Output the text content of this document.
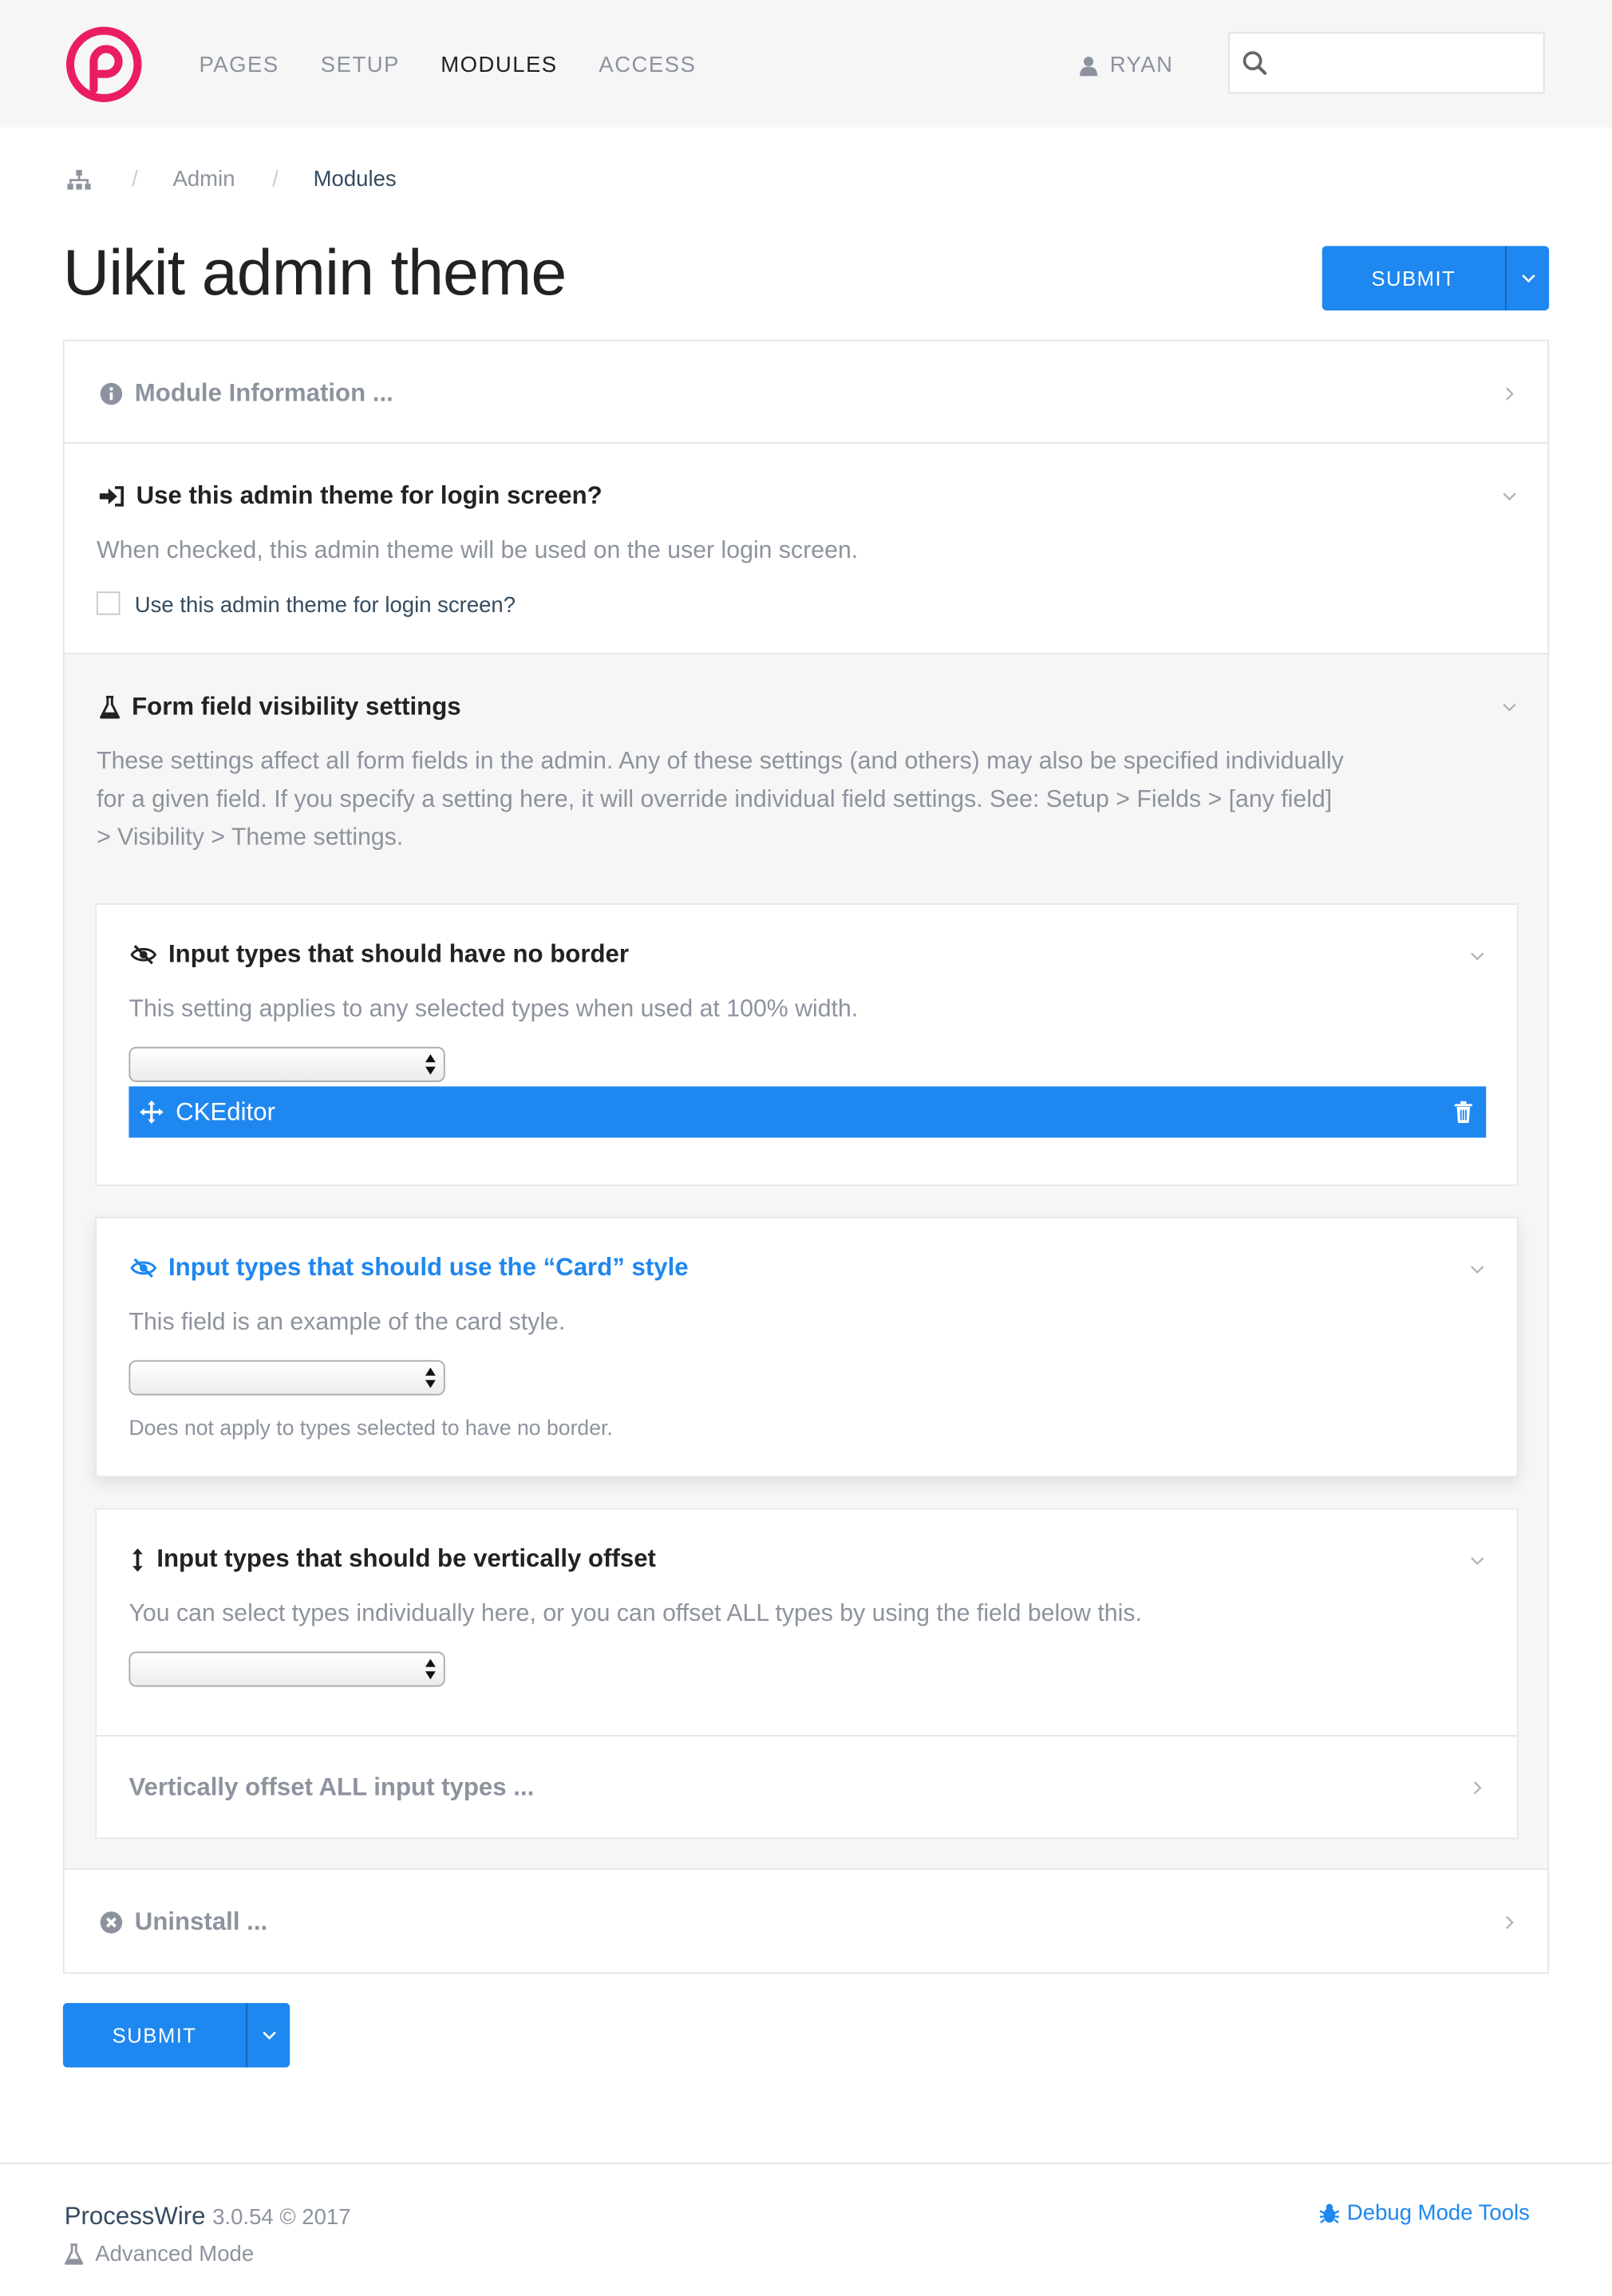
PAGES	SETUP	MODULES	ACCESS	RYAN
/	Admin	/	Modules
Uikit admin theme	SUBMIT
Module Information ...
Use this admin theme for login screen?
When checked, this admin theme will be used on the user login screen.
Use this admin theme for login screen?
Form field visibility settings
These settings affect all form fields in the admin. Any of these settings (and others) may also be specified individually
for a given field. If you specify a setting here, it will override individual field settings. See: Setup > Fields > [any field]
> Visibility > Theme settings.
Input types that should have no border
This setting applies to any selected types when used at 100% width.
CKEditor
Input types that should use the “Card” style
This field is an example of the card style.
Does not apply to types selected to have no border.
Input types that should be vertically offset
You can select types individually here, or you can offset ALL types by using the field below this.
Vertically offset ALL input types ...
Uninstall ...
SUBMIT
ProcessWire 3.0.54 © 2017
Advanced Mode
Debug Mode Tools
